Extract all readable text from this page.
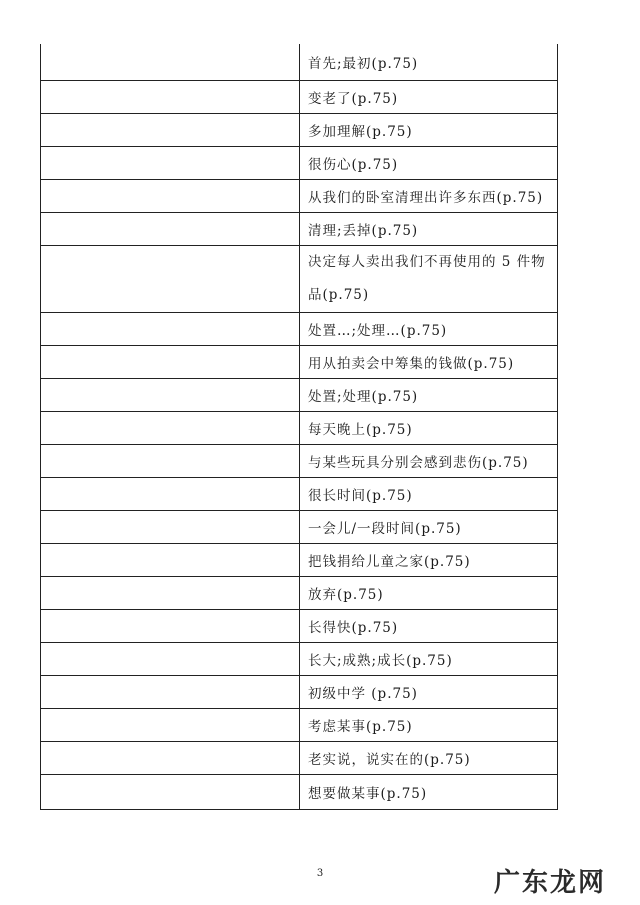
	首先;最初(p.75)
	变老了(p.75)
	多加理解(p.75)
	很伤心(p.75)
	从我们的卧室清理出许多东西(p.75)
	清理;丢掉(p.75)
	决定每人卖出我们不再使用的 5 件物品(p.75)
	处置…;处理…(p.75)
	用从拍卖会中筹集的钱做(p.75)
	处置;处理(p.75)
	每天晚上(p.75)
	与某些玩具分别会感到悲伤(p.75)
	很长时间(p.75)
	一会儿/一段时间(p.75)
	把钱捐给儿童之家(p.75)
	放弃(p.75)
	长得快(p.75)
	长大;成熟;成长(p.75)
	初级中学 (p.75)
	考虑某事(p.75)
	老实说，说实在的(p.75)
	想要做某事(p.75)
3	广东龙网
